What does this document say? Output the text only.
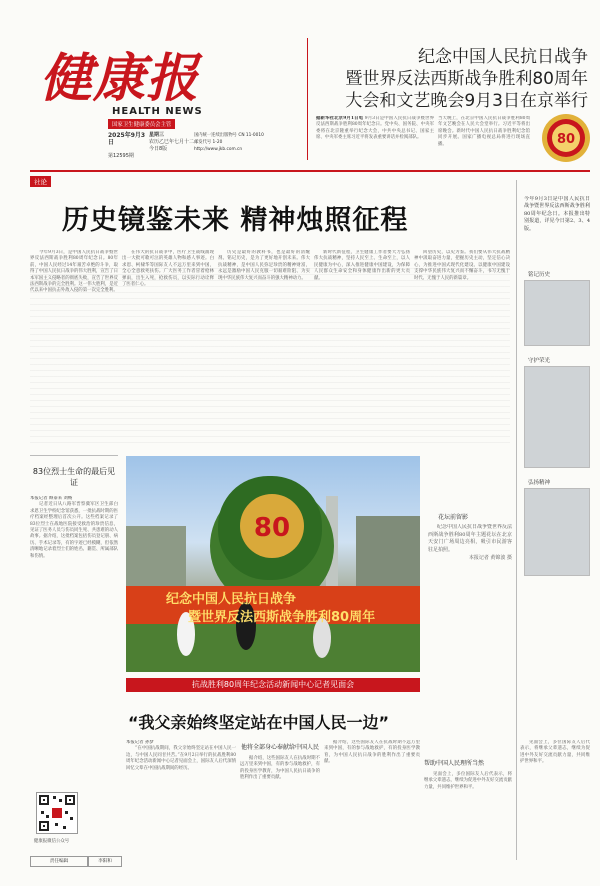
健康报
HEALTH NEWS
国家卫生健康委员会主管
2025年9月3日
第12595期
星期三
农历乙巳年
今日8版

七月十二
国内统一连续出版物号 CN 11-0010
邮发代号 1-20
http://www.jkb.com.cn
纪念中国人民抗日战争
暨世界反法西斯战争胜利80周年
大会和文艺晚会9月3日在京举行
据新华社北京9月1日电 9月3日是中国人民抗日战争暨世界反法西斯战争胜利80周年纪念日。党中央、国务院、中央军委将在北京隆重举行纪念大会，中共中央总书记、国家主席、中央军委主席习近平将发表重要讲话并检阅部队。
当天晚上，在北京中国人民抗日战争胜利80周年文艺晚会在人民大会堂举行。习近平等将出席晚会。新时代中国人民抗日战争胜利纪念馆同步开展。国家广播电视总局将进行现场直播。	80
社论
历史镜鉴未来 精神烛照征程

今年9月3日，是中国人民抗日战争暨世界反法西斯战争胜利80周年纪念日。80年前，中国人民经过14年艰苦卓绝的斗争，取得了中国人民抗日战争的伟大胜利，宣告了日本军国主义侵略者的彻底失败，宣告了世界反法西斯战争的完全胜利。这一伟大胜利，是近代以来中国抗击外敌入侵的第一次完全胜利。

在伟大的抗日战争中，医疗卫生战线涌现出一大批可歌可泣的英雄人物和感人事迹。白求恩、柯棣华等国际友人不远万里来到中国，全心全意救死扶伤。广大医务工作者冒着枪林弹雨，出生入死，抢救伤员，以实际行动诠释了医者仁心。

历史是最好的教科书，也是最好的清醒剂。铭记历史，是为了更好地开创未来。伟大抗战精神，是中国人民弥足珍贵的精神财富，永远是激励中国人民克服一切艰难险阻、为实现中华民族伟大复兴而奋斗的强大精神动力。

新时代新征程，卫生健康工作者要大力弘扬伟大抗战精神，坚持人民至上、生命至上，以人民健康为中心，深入推进健康中国建设，为保障人民群众生命安全和身体健康作出新的更大贡献。

回望历史，以史为鉴。我们要从伟大抗战精神中汲取奋进力量，把握历史主动，坚定信心决心，为推进中国式现代化建设、以健康中国建设支撑中华民族伟大复兴而不懈奋斗，书写无愧于时代、无愧于人民的新篇章。

今年9月3日是中国人民抗日战争暨世界反法西斯战争胜利80周年纪念日。本报推出特别报道，详见今日第2、3、4版。
铭记历史
守护荣光
弘扬精神
83位烈士生命的最后见证
本报记者 顾泰来 刘畅

记者近日从八路军晋察冀军区卫生部白求恩卫生学校纪念馆获悉，一批抗战时期的医疗档案经整理后首次公开。这些档案记录了83位烈士在战地医院接受救治的珍贵信息，见证了医务人员与伤员同生死、共患难的动人故事。据介绍，这批档案包括伤员登记册、病历、手术记录等，有的字迹已经模糊，但依然清晰地记录着烈士们的姓名、籍贯、所属部队和伤情。

80
纪念中国人民抗日战争
暨世界反法西斯战争胜利80周年
花坛前留影

纪念中国人民抗日战争暨世界反法西斯战争胜利80周年主题花坛在北京天安门广场周边亮相，吸引市民游客驻足拍照。

本报记者 黄锦波 摄
抗战胜利80周年纪念活动新闻中心记者见面会
“我父亲始终坚定站在中国人民一边”
本报记者 孙梦

“在中国抗战期间，我父亲始终坚定站在中国人民一边，与中国人民同甘共苦。”在9月2日举行的抗战胜利80周年纪念活动新闻中心记者见面会上，国际友人后代深情回忆父辈在中国抗战期间的经历。

他将全部身心奉献给中国人民

据介绍，这些国际友人在抗战时期不远万里来到中国，有的参与战地救护，有的投身医学教育，为中国人民抗日战争的胜利作出了重要贡献。

据介绍，这些国际友人在抗战时期不远万里来到中国，有的参与战地救护，有的投身医学教育，为中国人民抗日战争的胜利作出了重要贡献。	帮助中国人民理所当然

见面会上，多位国际友人后代表示，将继承父辈遗志，继续为促进中外友好交流贡献力量，共同维护世界和平。

见面会上，多位国际友人后代表示，将继承父辈遗志，继续为促进中外友好交流贡献力量，共同维护世界和平。

健康报微信公众号
责任编辑	李阳和
